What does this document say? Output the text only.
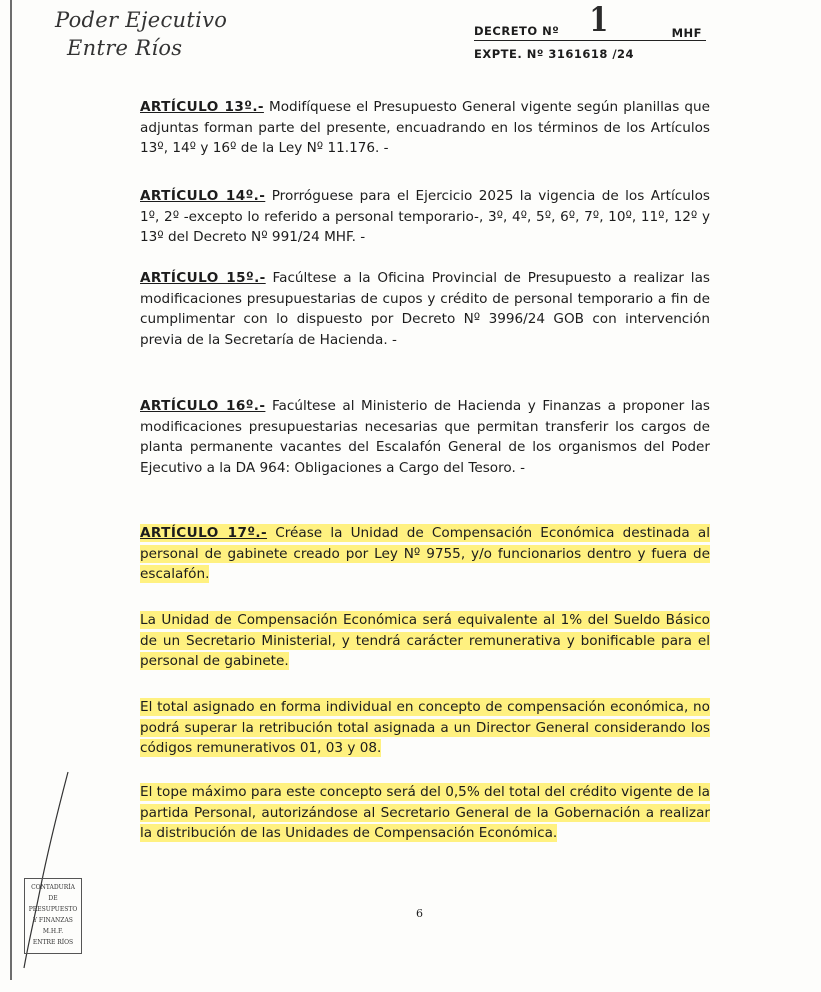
Poder Ejecutivo
Entre Ríos
DECRETO Nº 1	MHF
EXPTE. Nº 3161618 /24
ARTÍCULO 13º.- Modifíquese el Presupuesto General vigente según planillas que adjuntas forman parte del presente, encuadrando en los términos de los Artículos 13º, 14º y 16º de la Ley Nº 11.176. -
ARTÍCULO 14º.- Prorróguese para el Ejercicio 2025 la vigencia de los Artículos 1º, 2º -excepto lo referido a personal temporario-, 3º, 4º, 5º, 6º, 7º, 10º, 11º, 12º y 13º del Decreto Nº 991/24 MHF. -
ARTÍCULO 15º.- Facúltese a la Oficina Provincial de Presupuesto a realizar las modificaciones presupuestarias de cupos y crédito de personal temporario a fin de cumplimentar con lo dispuesto por Decreto Nº 3996/24 GOB con intervención previa de la Secretaría de Hacienda. -
ARTÍCULO 16º.- Facúltese al Ministerio de Hacienda y Finanzas a proponer las modificaciones presupuestarias necesarias que permitan transferir los cargos de planta permanente vacantes del Escalafón General de los organismos del Poder Ejecutivo a la DA 964: Obligaciones a Cargo del Tesoro. -
ARTÍCULO 17º.- Créase la Unidad de Compensación Económica destinada al personal de gabinete creado por Ley Nº 9755, y/o funcionarios dentro y fuera de escalafón.
La Unidad de Compensación Económica será equivalente al 1% del Sueldo Básico de un Secretario Ministerial, y tendrá carácter remunerativa y bonificable para el personal de gabinete.
El total asignado en forma individual en concepto de compensación económica, no podrá superar la retribución total asignada a un Director General considerando los códigos remunerativos 01, 03 y 08.
El tope máximo para este concepto será del 0,5% del total del crédito vigente de la partida Personal, autorizándose al Secretario General de la Gobernación a realizar la distribución de las Unidades de Compensación Económica.
CONTADURÍA
DE PRESUPUESTO
Y FINANZAS
M.H.F.
ENTRE RÍOS
6
